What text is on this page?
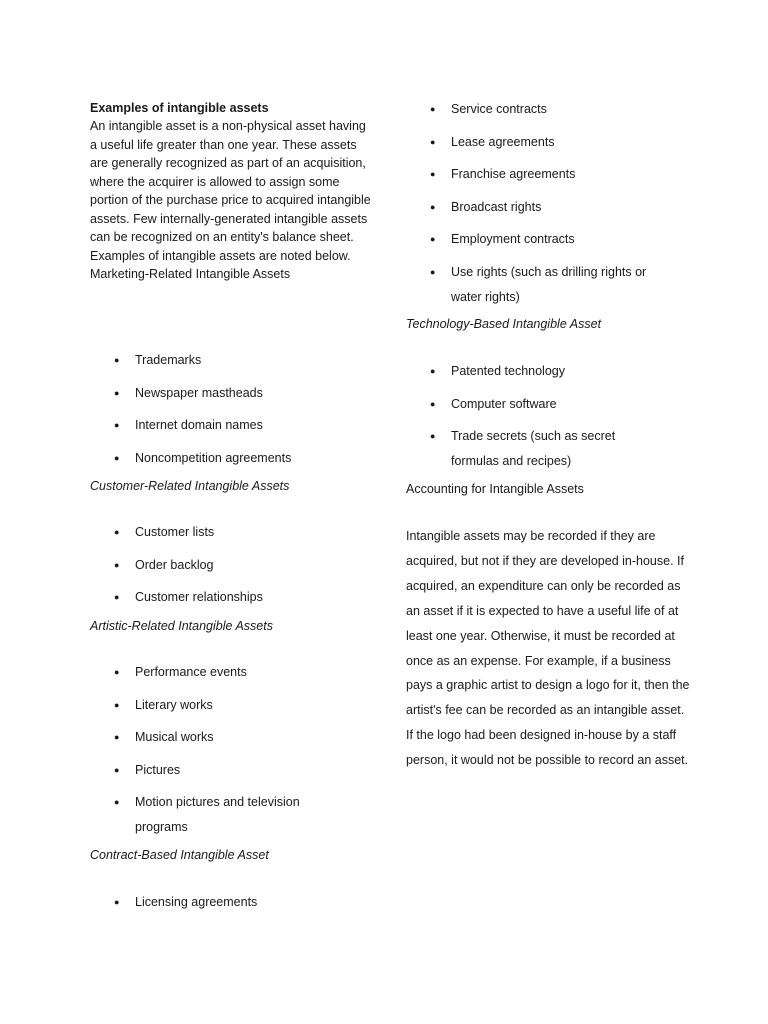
Examples of intangible assets

An intangible asset is a non-physical asset having a useful life greater than one year. These assets are generally recognized as part of an acquisition, where the acquirer is allowed to assign some portion of the purchase price to acquired intangible assets. Few internally-generated intangible assets can be recognized on an entity's balance sheet. Examples of intangible assets are noted below. Marketing-Related Intangible Assets

● Trademarks
● Newspaper mastheads
● Internet domain names
● Noncompetition agreements

Customer-Related Intangible Assets

● Customer lists
● Order backlog
● Customer relationships

Artistic-Related Intangible Assets

● Performance events
● Literary works
● Musical works
● Pictures
● Motion pictures and television programs

Contract-Based Intangible Asset

● Licensing agreements
● Service contracts
● Lease agreements
● Franchise agreements
● Broadcast rights
● Employment contracts
● Use rights (such as drilling rights or water rights)

Technology-Based Intangible Asset

● Patented technology
● Computer software
● Trade secrets (such as secret formulas and recipes)

Accounting for Intangible Assets

Intangible assets may be recorded if they are acquired, but not if they are developed in-house. If acquired, an expenditure can only be recorded as an asset if it is expected to have a useful life of at least one year. Otherwise, it must be recorded at once as an expense. For example, if a business pays a graphic artist to design a logo for it, then the artist's fee can be recorded as an intangible asset. If the logo had been designed in-house by a staff person, it would not be possible to record an asset.
